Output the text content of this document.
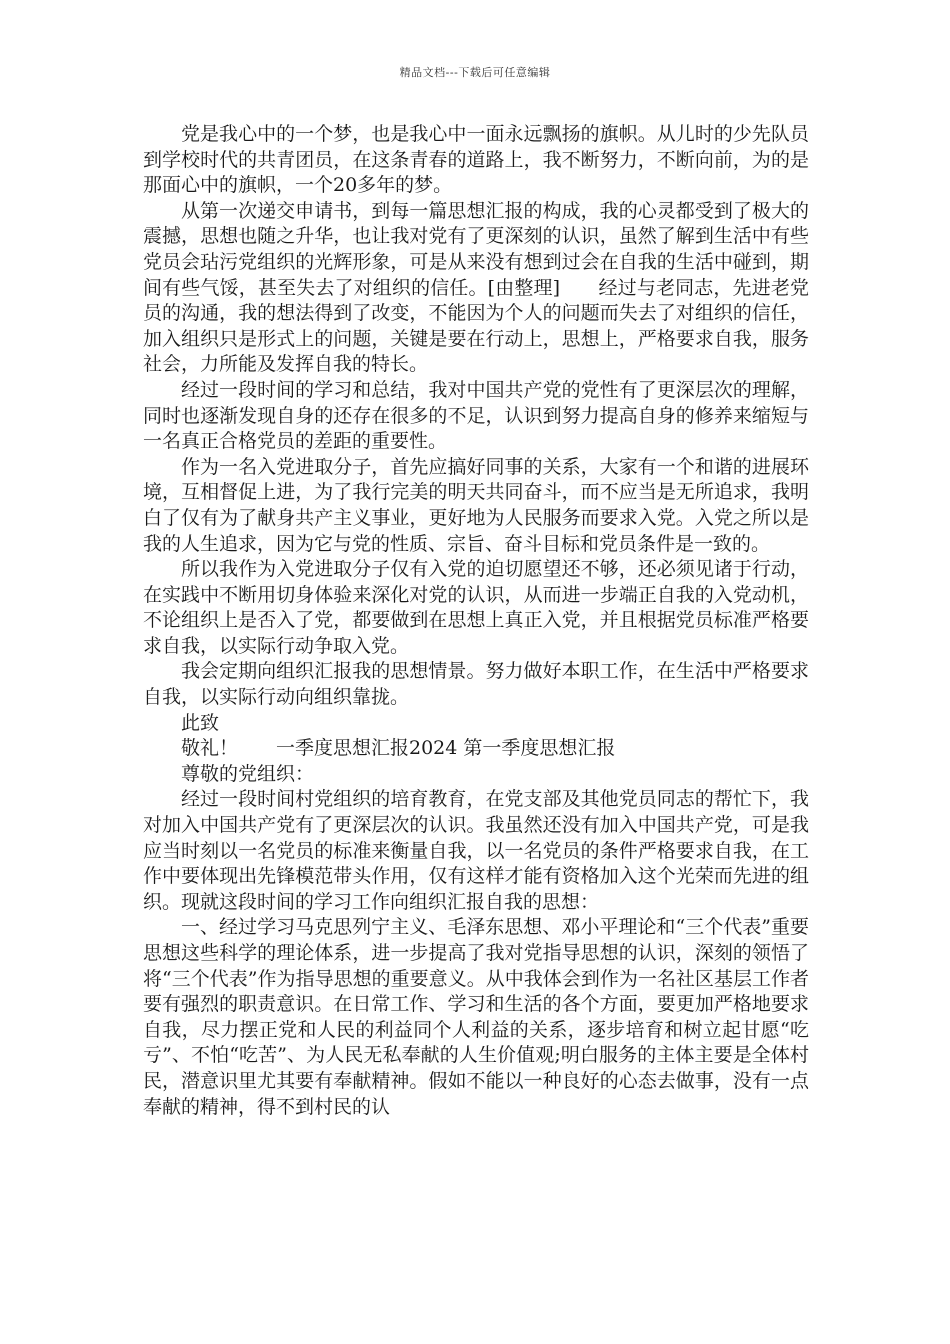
精品文档---下载后可任意编辑

党是我心中的一个梦，也是我心中一面永远飘扬的旗帜。从儿时的少先队员到学校时代的共青团员，在这条青春的道路上，我不断努力，不断向前，为的是那面心中的旗帜，一个20多年的梦。

从第一次递交申请书，到每一篇思想汇报的构成，我的心灵都受到了极大的震撼，思想也随之升华，也让我对党有了更深刻的认识，虽然了解到生活中有些党员会玷污党组织的光辉形象，可是从来没有想到过会在自我的生活中碰到，期间有些气馁，甚至失去了对组织的信任。[由整理]　　经过与老同志，先进老党员的沟通，我的想法得到了改变，不能因为个人的问题而失去了对组织的信任，加入组织只是形式上的问题，关键是要在行动上，思想上，严格要求自我，服务社会，力所能及发挥自我的特长。

经过一段时间的学习和总结，我对中国共产党的党性有了更深层次的理解，同时也逐渐发现自身的还存在很多的不足，认识到努力提高自身的修养来缩短与一名真正合格党员的差距的重要性。

作为一名入党进取分子，首先应搞好同事的关系，大家有一个和谐的进展环境，互相督促上进，为了我行完美的明天共同奋斗，而不应当是无所追求，我明白了仅有为了献身共产主义事业，更好地为人民服务而要求入党。入党之所以是我的人生追求，因为它与党的性质、宗旨、奋斗目标和党员条件是一致的。

所以我作为入党进取分子仅有入党的迫切愿望还不够，还必须见诸于行动，在实践中不断用切身体验来深化对党的认识，从而进一步端正自我的入党动机，不论组织上是否入了党，都要做到在思想上真正入党，并且根据党员标准严格要求自我，以实际行动争取入党。

我会定期向组织汇报我的思想情景。努力做好本职工作，在生活中严格要求自我，以实际行动向组织靠拢。

此致

敬礼！　　一季度思想汇报2024 第一季度思想汇报

尊敬的党组织：

经过一段时间村党组织的培育教育，在党支部及其他党员同志的帮忙下，我对加入中国共产党有了更深层次的认识。我虽然还没有加入中国共产党，可是我应当时刻以一名党员的标准来衡量自我，以一名党员的条件严格要求自我，在工作中要体现出先锋模范带头作用，仅有这样才能有资格加入这个光荣而先进的组织。现就这段时间的学习工作向组织汇报自我的思想：

一、经过学习马克思列宁主义、毛泽东思想、邓小平理论和“三个代表”重要思想这些科学的理论体系，进一步提高了我对党指导思想的认识，深刻的领悟了将“三个代表”作为指导思想的重要意义。从中我体会到作为一名社区基层工作者要有强烈的职责意识。在日常工作、学习和生活的各个方面，要更加严格地要求自我，尽力摆正党和人民的利益同个人利益的关系，逐步培育和树立起甘愿“吃亏”、不怕“吃苦”、为人民无私奉献的人生价值观;明白服务的主体主要是全体村民，潜意识里尤其要有奉献精神。假如不能以一种良好的心态去做事，没有一点奉献的精神，得不到村民的认
